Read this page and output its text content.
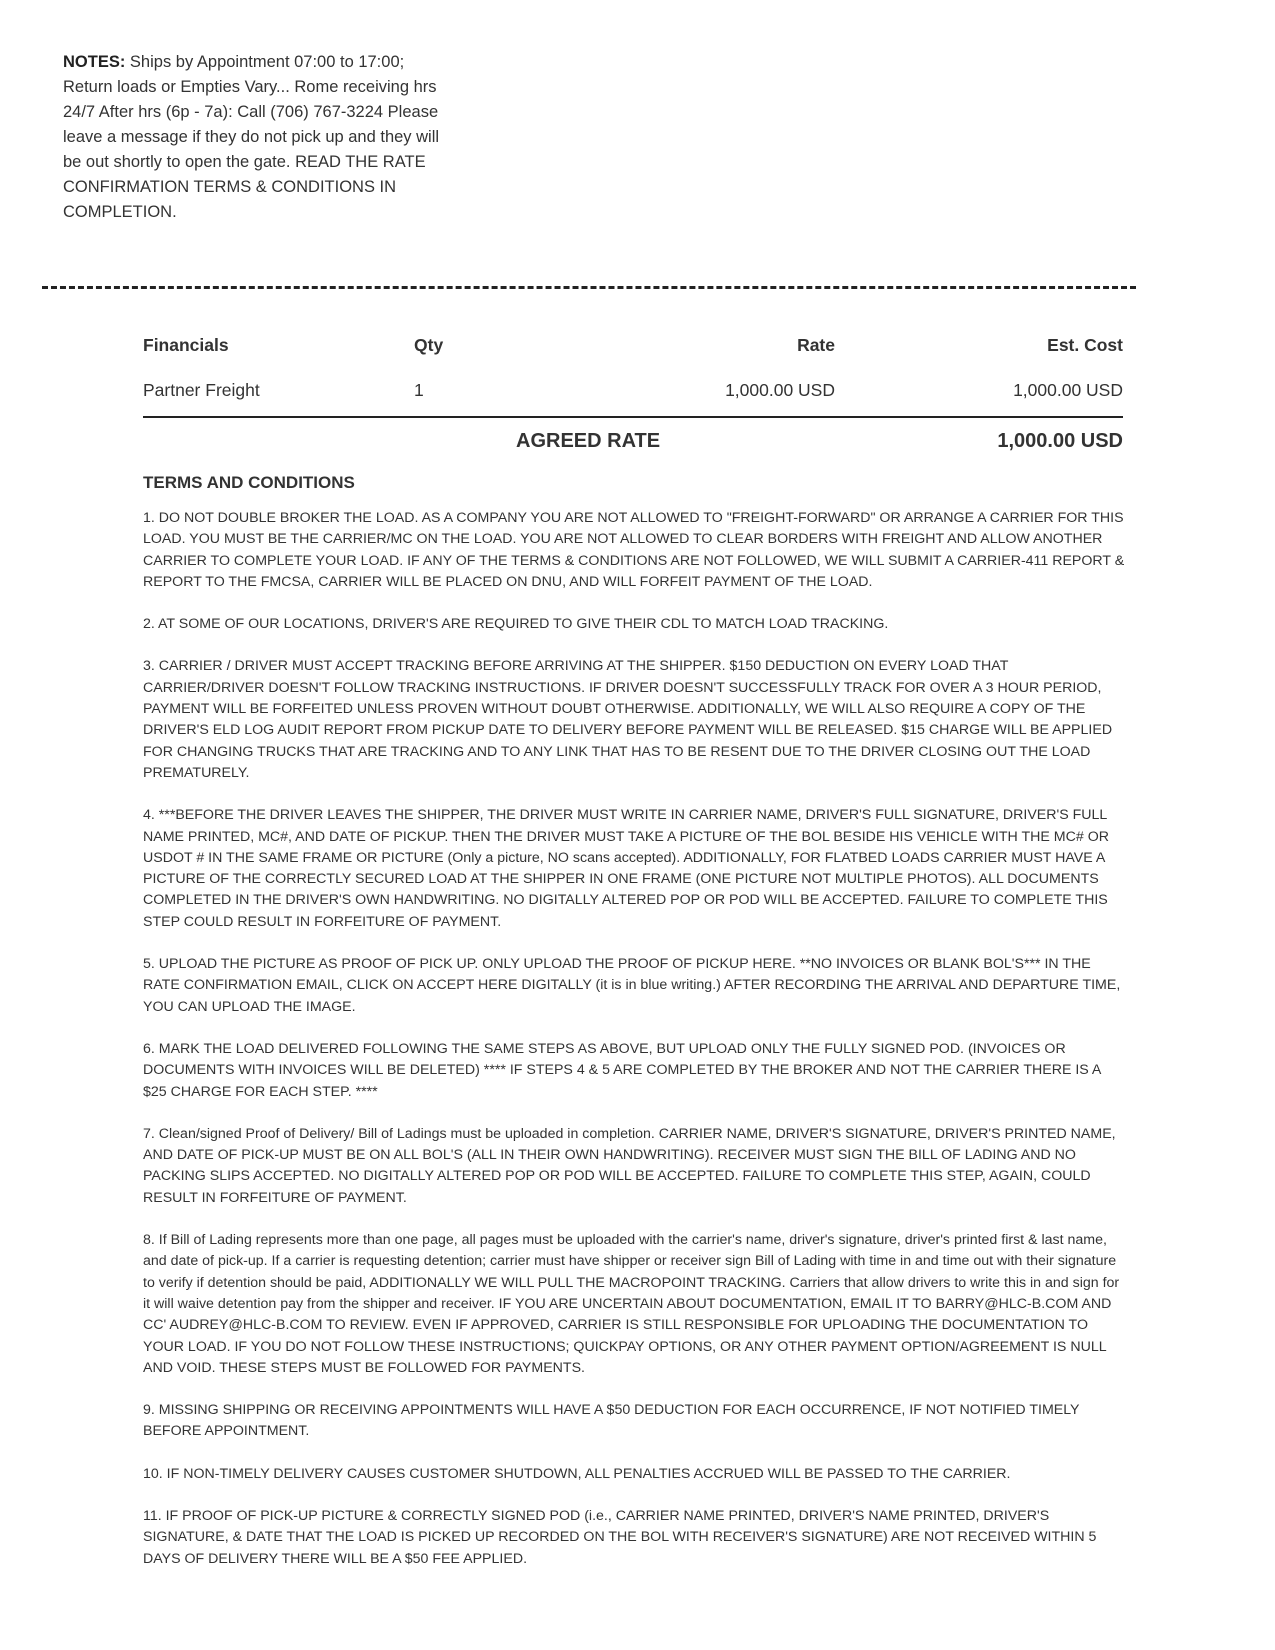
NOTES: Ships by Appointment 07:00 to 17:00; Return loads or Empties Vary... Rome receiving hrs 24/7 After hrs (6p - 7a): Call (706) 767-3224 Please leave a message if they do not pick up and they will be out shortly to open the gate. READ THE RATE CONFIRMATION TERMS & CONDITIONS IN COMPLETION.
Financials	Qty	Rate	Est. Cost
Partner Freight	1	1,000.00 USD	1,000.00 USD
AGREED RATE	1,000.00 USD
TERMS AND CONDITIONS

1. DO NOT DOUBLE BROKER THE LOAD. AS A COMPANY YOU ARE NOT ALLOWED TO "FREIGHT-FORWARD" OR ARRANGE A CARRIER FOR THIS LOAD. YOU MUST BE THE CARRIER/MC ON THE LOAD. YOU ARE NOT ALLOWED TO CLEAR BORDERS WITH FREIGHT AND ALLOW ANOTHER CARRIER TO COMPLETE YOUR LOAD. IF ANY OF THE TERMS & CONDITIONS ARE NOT FOLLOWED, WE WILL SUBMIT A CARRIER-411 REPORT & REPORT TO THE FMCSA, CARRIER WILL BE PLACED ON DNU, AND WILL FORFEIT PAYMENT OF THE LOAD.

2. AT SOME OF OUR LOCATIONS, DRIVER'S ARE REQUIRED TO GIVE THEIR CDL TO MATCH LOAD TRACKING.

3. CARRIER / DRIVER MUST ACCEPT TRACKING BEFORE ARRIVING AT THE SHIPPER. $150 DEDUCTION ON EVERY LOAD THAT CARRIER/DRIVER DOESN'T FOLLOW TRACKING INSTRUCTIONS. IF DRIVER DOESN'T SUCCESSFULLY TRACK FOR OVER A 3 HOUR PERIOD, PAYMENT WILL BE FORFEITED UNLESS PROVEN WITHOUT DOUBT OTHERWISE. ADDITIONALLY, WE WILL ALSO REQUIRE A COPY OF THE DRIVER'S ELD LOG AUDIT REPORT FROM PICKUP DATE TO DELIVERY BEFORE PAYMENT WILL BE RELEASED. $15 CHARGE WILL BE APPLIED FOR CHANGING TRUCKS THAT ARE TRACKING AND TO ANY LINK THAT HAS TO BE RESENT DUE TO THE DRIVER CLOSING OUT THE LOAD PREMATURELY.

4. ***BEFORE THE DRIVER LEAVES THE SHIPPER, THE DRIVER MUST WRITE IN CARRIER NAME, DRIVER'S FULL SIGNATURE, DRIVER'S FULL NAME PRINTED, MC#, AND DATE OF PICKUP. THEN THE DRIVER MUST TAKE A PICTURE OF THE BOL BESIDE HIS VEHICLE WITH THE MC# OR USDOT # IN THE SAME FRAME OR PICTURE (Only a picture, NO scans accepted). ADDITIONALLY, FOR FLATBED LOADS CARRIER MUST HAVE A PICTURE OF THE CORRECTLY SECURED LOAD AT THE SHIPPER IN ONE FRAME (ONE PICTURE NOT MULTIPLE PHOTOS). ALL DOCUMENTS COMPLETED IN THE DRIVER'S OWN HANDWRITING. NO DIGITALLY ALTERED POP OR POD WILL BE ACCEPTED. FAILURE TO COMPLETE THIS STEP COULD RESULT IN FORFEITURE OF PAYMENT.

5. UPLOAD THE PICTURE AS PROOF OF PICK UP. ONLY UPLOAD THE PROOF OF PICKUP HERE. **NO INVOICES OR BLANK BOL'S*** IN THE RATE CONFIRMATION EMAIL, CLICK ON ACCEPT HERE DIGITALLY (it is in blue writing.) AFTER RECORDING THE ARRIVAL AND DEPARTURE TIME, YOU CAN UPLOAD THE IMAGE.

6. MARK THE LOAD DELIVERED FOLLOWING THE SAME STEPS AS ABOVE, BUT UPLOAD ONLY THE FULLY SIGNED POD. (INVOICES OR DOCUMENTS WITH INVOICES WILL BE DELETED) **** IF STEPS 4 & 5 ARE COMPLETED BY THE BROKER AND NOT THE CARRIER THERE IS A $25 CHARGE FOR EACH STEP. ****

7. Clean/signed Proof of Delivery/ Bill of Ladings must be uploaded in completion. CARRIER NAME, DRIVER'S SIGNATURE, DRIVER'S PRINTED NAME, AND DATE OF PICK-UP MUST BE ON ALL BOL'S (ALL IN THEIR OWN HANDWRITING). RECEIVER MUST SIGN THE BILL OF LADING AND NO PACKING SLIPS ACCEPTED. NO DIGITALLY ALTERED POP OR POD WILL BE ACCEPTED. FAILURE TO COMPLETE THIS STEP, AGAIN, COULD RESULT IN FORFEITURE OF PAYMENT.

8. If Bill of Lading represents more than one page, all pages must be uploaded with the carrier's name, driver's signature, driver's printed first & last name, and date of pick-up. If a carrier is requesting detention; carrier must have shipper or receiver sign Bill of Lading with time in and time out with their signature to verify if detention should be paid, ADDITIONALLY WE WILL PULL THE MACROPOINT TRACKING. Carriers that allow drivers to write this in and sign for it will waive detention pay from the shipper and receiver. IF YOU ARE UNCERTAIN ABOUT DOCUMENTATION, EMAIL IT TO BARRY@HLC-B.COM AND CC' AUDREY@HLC-B.COM TO REVIEW. EVEN IF APPROVED, CARRIER IS STILL RESPONSIBLE FOR UPLOADING THE DOCUMENTATION TO YOUR LOAD. IF YOU DO NOT FOLLOW THESE INSTRUCTIONS; QUICKPAY OPTIONS, OR ANY OTHER PAYMENT OPTION/AGREEMENT IS NULL AND VOID. THESE STEPS MUST BE FOLLOWED FOR PAYMENTS.

9. MISSING SHIPPING OR RECEIVING APPOINTMENTS WILL HAVE A $50 DEDUCTION FOR EACH OCCURRENCE, IF NOT NOTIFIED TIMELY BEFORE APPOINTMENT.

10. IF NON-TIMELY DELIVERY CAUSES CUSTOMER SHUTDOWN, ALL PENALTIES ACCRUED WILL BE PASSED TO THE CARRIER.

11. IF PROOF OF PICK-UP PICTURE & CORRECTLY SIGNED POD (i.e., CARRIER NAME PRINTED, DRIVER'S NAME PRINTED, DRIVER'S SIGNATURE, & DATE THAT THE LOAD IS PICKED UP RECORDED ON THE BOL WITH RECEIVER'S SIGNATURE) ARE NOT RECEIVED WITHIN 5 DAYS OF DELIVERY THERE WILL BE A $50 FEE APPLIED.
